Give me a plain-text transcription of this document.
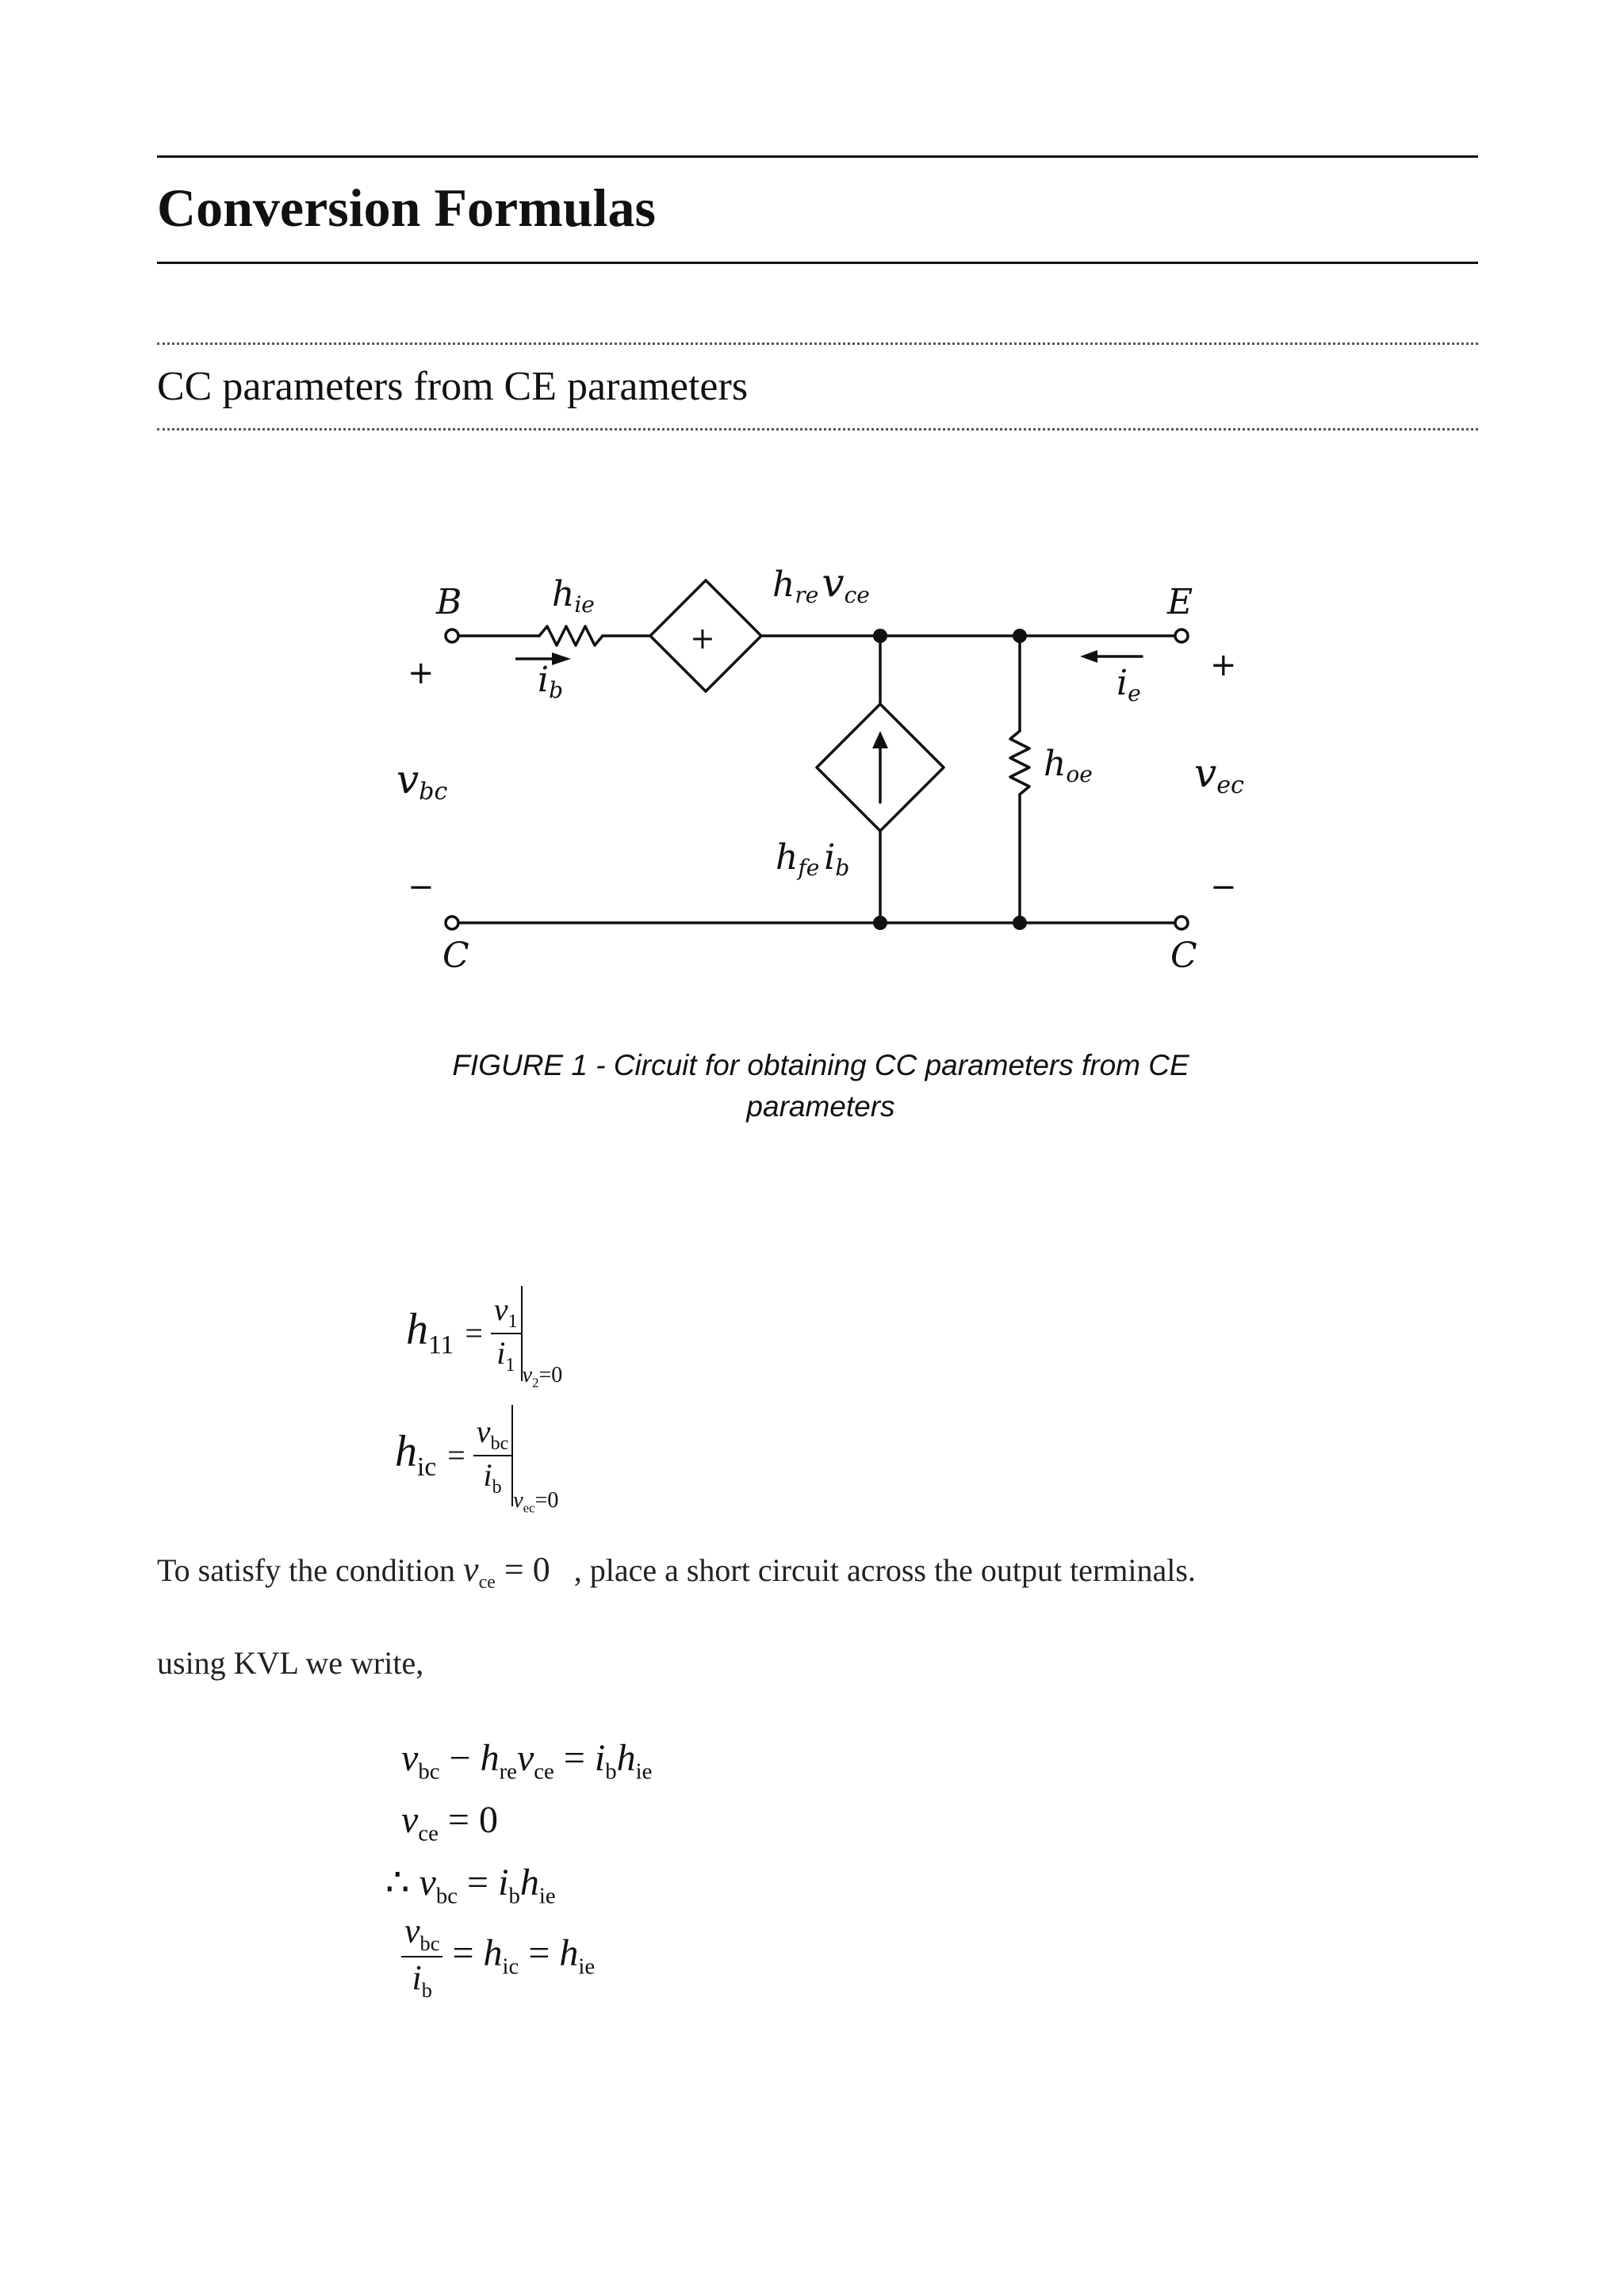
Conversion Formulas
CC parameters from CE parameters
B	E
C	C
+
hie
ib
hrevce
ie
vbc
hfe ib
hoe	vec
+
−
+
−
FIGURE 1 - Circuit for obtaining CC parameters from CE parameters
$h_{11} = \frac{v_1}{i_1} _{v_2=0}$
$h_{ic} = \frac{v_{bc}}{i_b}$
$_{v_{ec}=0}$
To satisfy the condition $v_{ce} = 0$ , place a short circuit across the output terminals.
using KVL we write,
$v_{bc} - h_{re}v_{ce} = i_bh_{ie}$
$v_{ce} = 0$
∴ $v_{bc} = i_bh_{ie}$
$\frac{v_{bc}}{i_b} = h_{ic} = h_{ie}$
